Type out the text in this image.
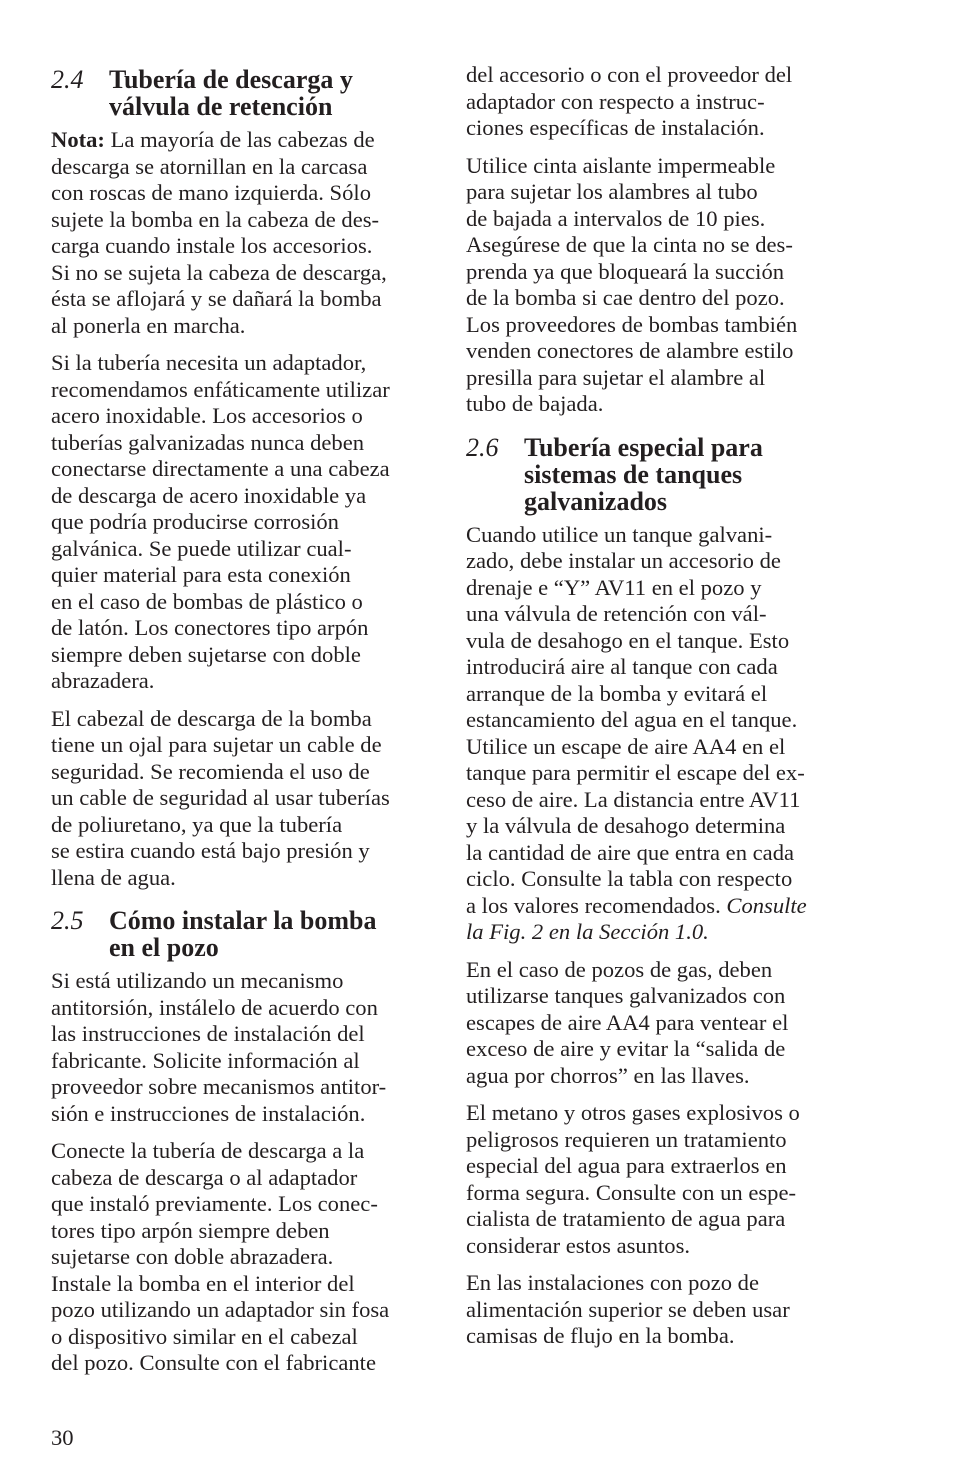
2.4 Tubería de descarga y
válvula de retención
Nota: La mayoría de las cabezas de
descarga se atornillan en la carcasa
con roscas de mano izquierda. Sólo
sujete la bomba en la cabeza de des-
carga cuando instale los accesorios.
Si no se sujeta la cabeza de descarga,
ésta se aflojará y se dañará la bomba
al ponerla en marcha.
Si la tubería necesita un adaptador,
recomendamos enfáticamente utilizar
acero inoxidable. Los accesorios o
tuberías galvanizadas nunca deben
conectarse directamente a una cabeza
de descarga de acero inoxidable ya
que podría producirse corrosión
galvánica. Se puede utilizar cual-
quier material para esta conexión
en el caso de bombas de plástico o
de latón. Los conectores tipo arpón
siempre deben sujetarse con doble
abrazadera.
El cabezal de descarga de la bomba
tiene un ojal para sujetar un cable de
seguridad. Se recomienda el uso de
un cable de seguridad al usar tuberías
de poliuretano, ya que la tubería
se estira cuando está bajo presión y
llena de agua.
2.5 Cómo instalar la bomba
en el pozo
Si está utilizando un mecanismo
antitorsión, instálelo de acuerdo con
las instrucciones de instalación del
fabricante. Solicite información al
proveedor sobre mecanismos antitor-
sión e instrucciones de instalación.
Conecte la tubería de descarga a la
cabeza de descarga o al adaptador
que instaló previamente. Los conec-
tores tipo arpón siempre deben
sujetarse con doble abrazadera.
Instale la bomba en el interior del
pozo utilizando un adaptador sin fosa
o dispositivo similar en el cabezal
del pozo. Consulte con el fabricante
del accesorio o con el proveedor del
adaptador con respecto a instruc-
ciones específicas de instalación.
Utilice cinta aislante impermeable
para sujetar los alambres al tubo
de bajada a intervalos de 10 pies.
Asegúrese de que la cinta no se des-
prenda ya que bloqueará la succión
de la bomba si cae dentro del pozo.
Los proveedores de bombas también
venden conectores de alambre estilo
presilla para sujetar el alambre al
tubo de bajada.
2.6 Tubería especial para
sistemas de tanques
galvanizados
Cuando utilice un tanque galvani-
zado, debe instalar un accesorio de
drenaje e “Y” AV11 en el pozo y
una válvula de retención con vál-
vula de desahogo en el tanque. Esto
introducirá aire al tanque con cada
arranque de la bomba y evitará el
estancamiento del agua en el tanque.
Utilice un escape de aire AA4 en el
tanque para permitir el escape del ex-
ceso de aire. La distancia entre AV11
y la válvula de desahogo determina
la cantidad de aire que entra en cada
ciclo. Consulte la tabla con respecto
a los valores recomendados. Consulte
la Fig. 2 en la Sección 1.0.
En el caso de pozos de gas, deben
utilizarse tanques galvanizados con
escapes de aire AA4 para ventear el
exceso de aire y evitar la “salida de
agua por chorros” en las llaves.
El metano y otros gases explosivos o
peligrosos requieren un tratamiento
especial del agua para extraerlos en
forma segura. Consulte con un espe-
cialista de tratamiento de agua para
considerar estos asuntos.
En las instalaciones con pozo de
alimentación superior se deben usar
camisas de flujo en la bomba.
30
